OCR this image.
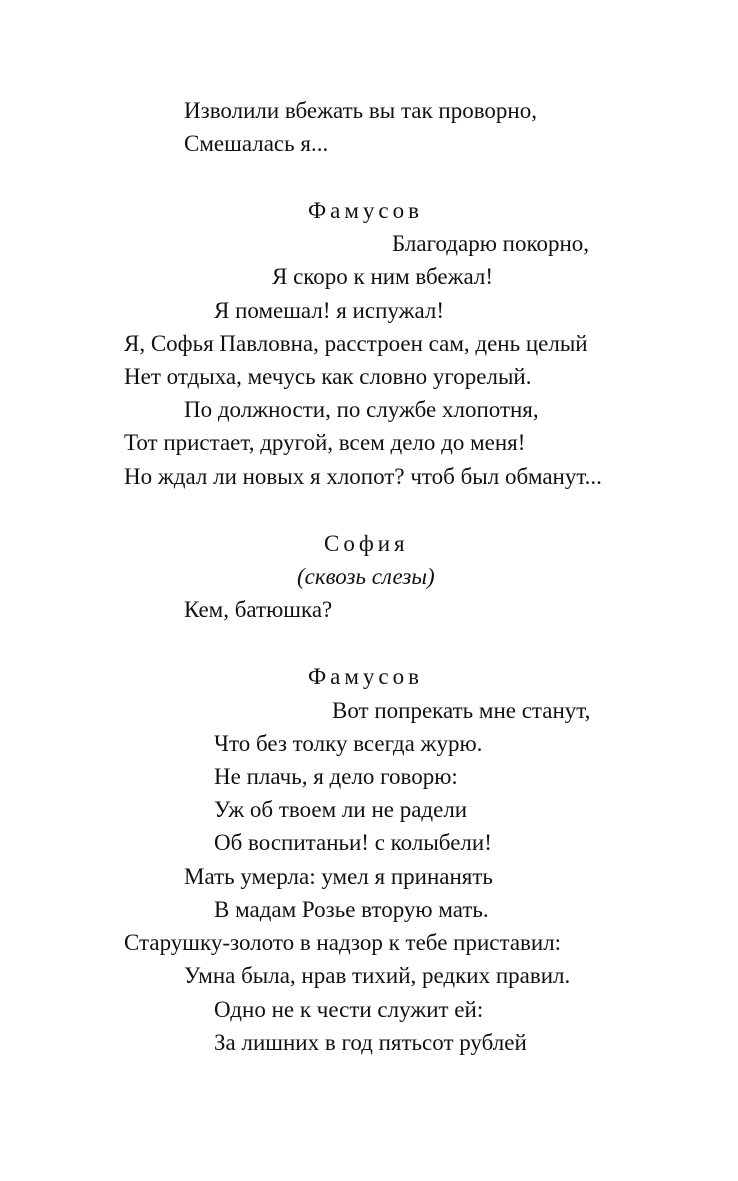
Изволили вбежать вы так проворно,
Смешалась я...
Фамусов
Благодарю покорно,
Я скоро к ним вбежал!
Я помешал! я испужал!
Я, Софья Павловна, расстроен сам, день целый
Нет отдыха, мечусь как словно угорелый.
По должности, по службе хлопотня,
Тот пристает, другой, всем дело до меня!
Но ждал ли новых я хлопот? чтоб был обманут...
София
(сквозь слезы)
Кем, батюшка?
Фамусов
Вот попрекать мне станут,
Что без толку всегда журю.
Не плачь, я дело говорю:
Уж об твоем ли не радели
Об воспитаньи! с колыбели!
Мать умерла: умел я принанять
В мадам Розье вторую мать.
Старушку-золото в надзор к тебе приставил:
Умна была, нрав тихий, редких правил.
Одно не к чести служит ей:
За лишних в год пятьсот рублей
